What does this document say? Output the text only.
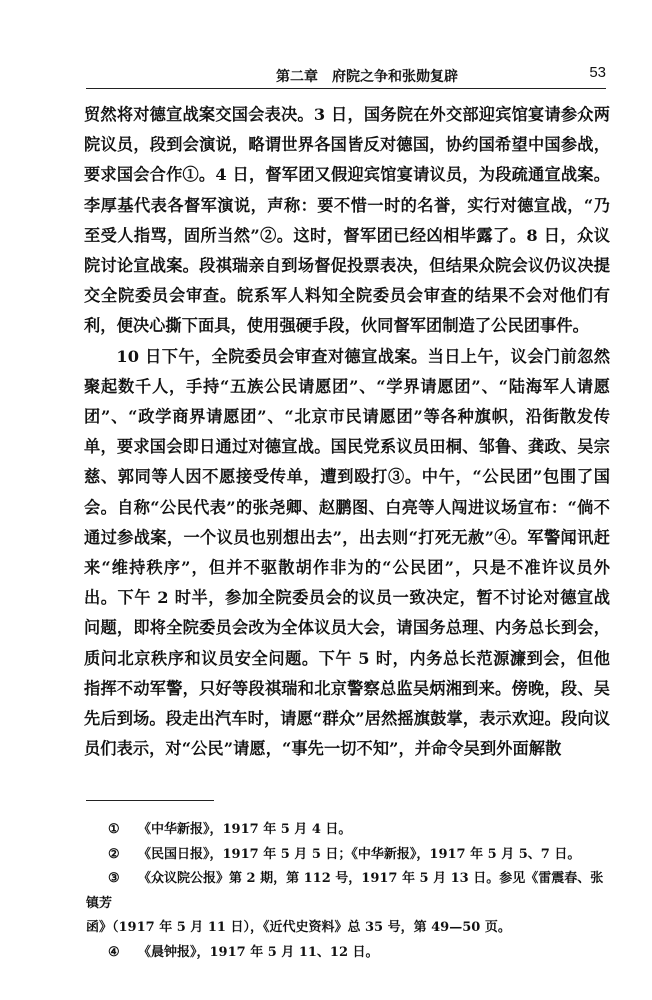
第二章　府院之争和张勋复辟	53

贸然将对德宣战案交国会表决。3 日，国务院在外交部迎宾馆宴请参众两院议员，段到会演说，略谓世界各国皆反对德国，协约国希望中国参战，要求国会合作①。4 日，督军团又假迎宾馆宴请议员，为段疏通宣战案。李厚基代表各督军演说，声称：要不惜一时的名誉，实行对德宣战，“乃至受人指骂，固所当然”②。这时，督军团已经凶相毕露了。8 日，众议院讨论宣战案。段祺瑞亲自到场督促投票表决，但结果众院会议仍议决提交全院委员会审查。皖系军人料知全院委员会审查的结果不会对他们有利，便决心撕下面具，使用强硬手段，伙同督军团制造了公民团事件。

10 日下午，全院委员会审查对德宣战案。当日上午，议会门前忽然聚起数千人，手持“五族公民请愿团”、“学界请愿团”、“陆海军人请愿团”、“政学商界请愿团”、“北京市民请愿团”等各种旗帜，沿街散发传单，要求国会即日通过对德宣战。国民党系议员田桐、邹鲁、龚政、吴宗慈、郭同等人因不愿接受传单，遭到殴打③。中午，“公民团”包围了国会。自称“公民代表”的张尧卿、赵鹏图、白亮等人闯进议场宣布：“倘不通过参战案，一个议员也别想出去”，出去则“打死无赦”④。军警闻讯赶来“维持秩序”，但并不驱散胡作非为的“公民团”，只是不准许议员外出。下午 2 时半，参加全院委员会的议员一致决定，暂不讨论对德宣战问题，即将全院委员会改为全体议员大会，请国务总理、内务总长到会，质问北京秩序和议员安全问题。下午 5 时，内务总长范源濂到会，但他指挥不动军警，只好等段祺瑞和北京警察总监吴炳湘到来。傍晚，段、吴先后到场。段走出汽车时，请愿“群众”居然摇旗鼓掌，表示欢迎。段向议员们表示，对“公民”请愿，“事先一切不知”，并命令吴到外面解散

① 《中华新报》，1917 年 5 月 4 日。

② 《民国日报》，1917 年 5 月 5 日；《中华新报》，1917 年 5 月 5、7 日。

③ 《众议院公报》第 2 期，第 112 号，1917 年 5 月 13 日。参见《雷震春、张镇芳

函》（1917 年 5 月 11 日），《近代史资料》总 35 号，第 49—50 页。

④ 《晨钟报》，1917 年 5 月 11、12 日。
